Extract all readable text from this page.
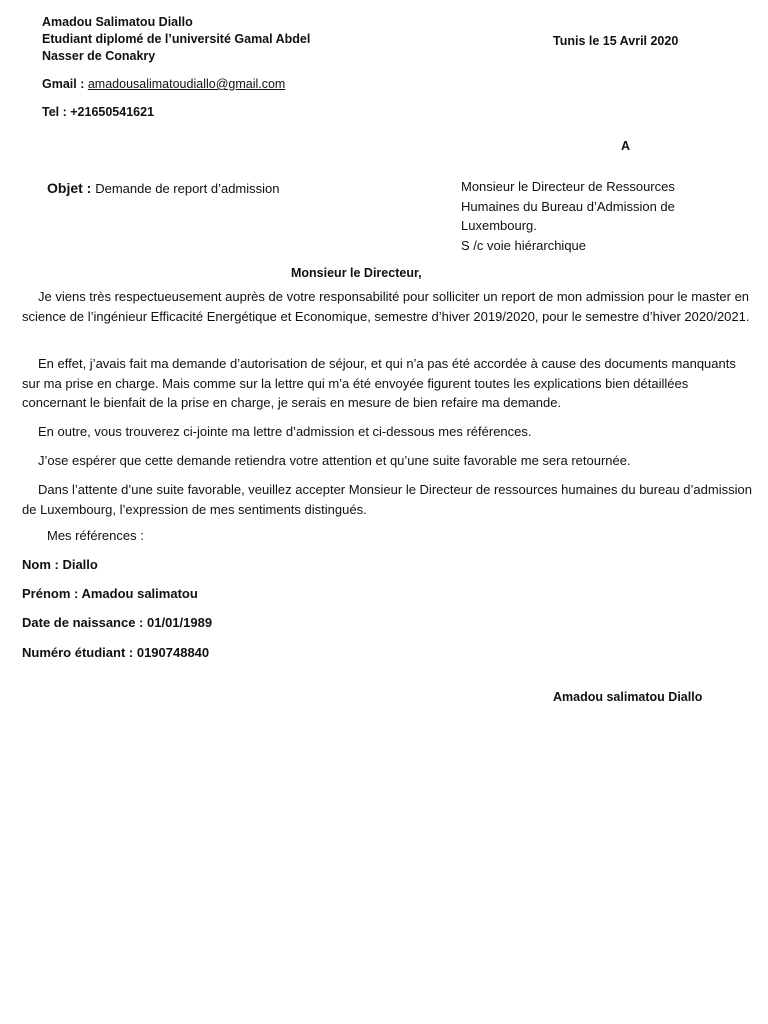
Amadou Salimatou Diallo
Etudiant diplomé de l’université Gamal Abdel
Nasser de Conakry
Gmail : amadousalimatoudiallo@gmail.com
Tel : +21650541621
Tunis le 15 Avril 2020
A
Objet : Demande de report d’admission	Monsieur le Directeur de Ressources
Humaines du Bureau d’Admission de
Luxembourg.
S /c voie hiérarchique
Monsieur le Directeur,
Je viens très respectueusement auprès de votre responsabilité pour solliciter un report de mon admission pour le master en science de l’ingénieur Efficacité Energétique et Economique, semestre d’hiver 2019/2020, pour le semestre d’hiver 2020/2021.
En effet, j’avais fait ma demande d’autorisation de séjour, et qui n’a pas été accordée à cause des documents manquants sur ma prise en charge. Mais comme sur la lettre qui m’a été envoyée figurent toutes les explications bien détaillées concernant le bienfait de la prise en charge, je serais en mesure de bien refaire ma demande.
En outre, vous trouverez ci-jointe ma lettre d’admission et ci-dessous mes références.
J’ose espérer que cette demande retiendra votre attention et qu’une suite favorable me sera retournée.
Dans l’attente d’une suite favorable, veuillez accepter Monsieur le Directeur de ressources humaines du bureau d’admission de Luxembourg, l’expression de mes sentiments distingués.
Mes références :
Nom : Diallo
Prénom : Amadou salimatou
Date de naissance : 01/01/1989
Numéro étudiant : 0190748840
Amadou salimatou Diallo
